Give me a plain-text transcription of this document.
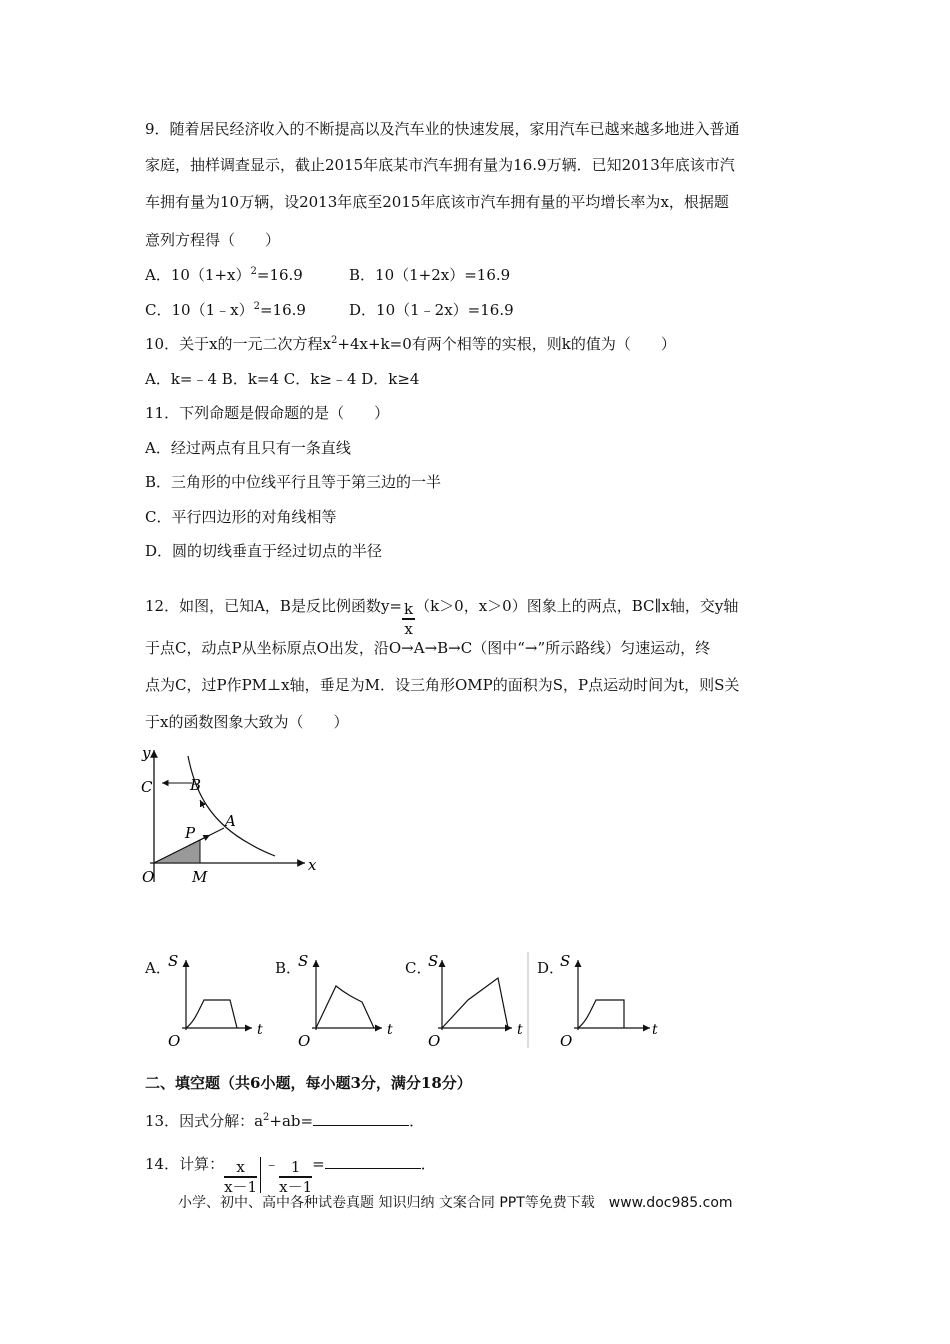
9．随着居民经济收入的不断提高以及汽车业的快速发展，家用汽车已越来越多地进入普通
家庭，抽样调查显示，截止2015年底某市汽车拥有量为16.9万辆．已知2013年底该市汽
车拥有量为10万辆，设2013年底至2015年底该市汽车拥有量的平均增长率为x，根据题
意列方程得（　　）
A．$10(1+x)^2=16.9$	B．10（1+2x）=16.9
C．10（1﹣x）$^2$=16.9	D．10（1﹣2x）=16.9
10．关于x的一元二次方程$x^2+4x+k=0$有两个相等的实根，则k的值为（　　）
A．k=﹣4 B．k=4 C．k≥﹣4 D．k≥4
11．下列命题是假命题的是（　　）
A．经过两点有且只有一条直线
B．三角形的中位线平行且等于第三边的一半
C．平行四边形的对角线相等
D．圆的切线垂直于经过切点的半径
12．如图，已知A，B是反比例函数$y= \frac{k}{x} (k>0$，x＞0）图象上的两点，BC∥x轴，交y轴
于点C，动点P从坐标原点O出发，沿O→A→B→C（图中“→”所示路线）匀速运动，终
点为C，过P作PM⊥x轴，垂足为M．设三角形OMP的面积为S，P点运动时间为t，则S关
于x的函数图象大致为（　　）
y
x
C	B
A
P
O	M
A．
S
t
O
B．
S
t
O
C．
S
t
O
D．
S
t
O
二、填空题（共6小题，每小题3分，满分18分）
13．因式分解：$a^2+ab=$	．
14．计算： $\frac{x}{x-1}$ ﹣ $\frac{1}{x-1}$ =	．
小学、初中、高中各种试卷真题 知识归纳 文案合同 PPT等免费下载　www.doc985.com
